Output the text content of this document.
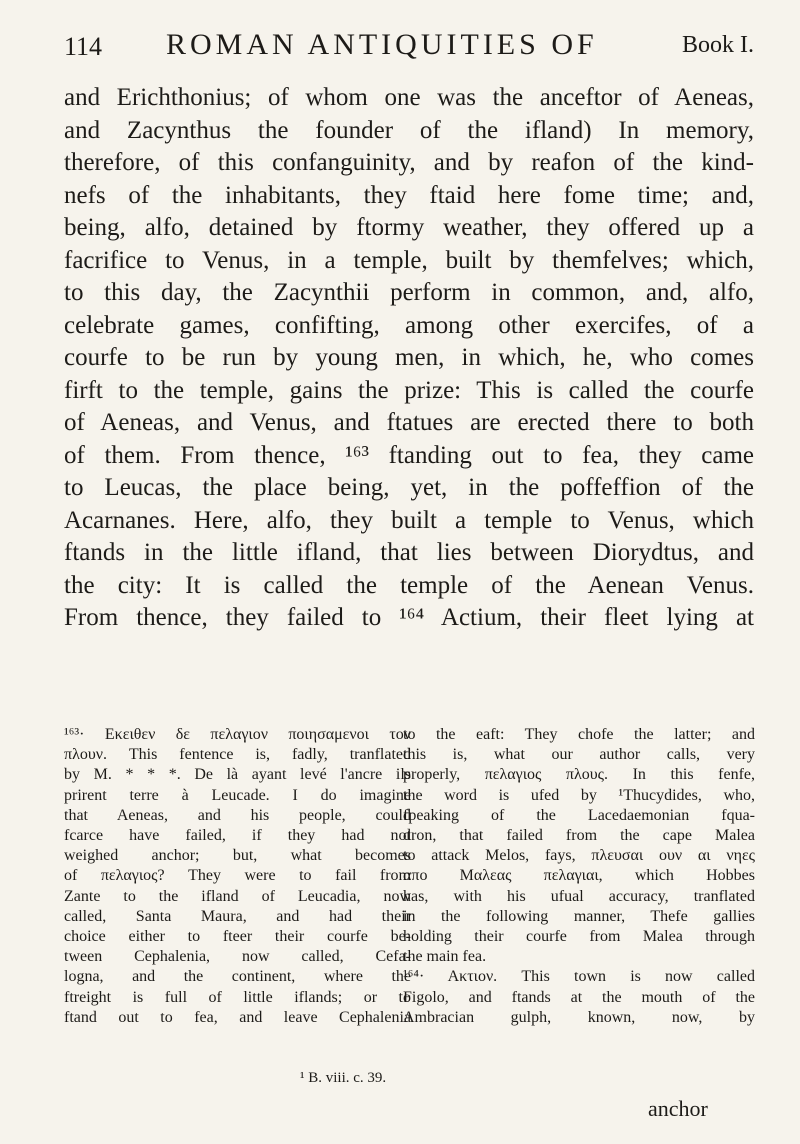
114 ROMAN ANTIQUITIES OF	Book I.
and Erichthonius; of whom one was the anceftor of Aeneas,
and Zacynthus the founder of the ifland) In memory,
therefore, of this confanguinity, and by reafon of the kind-
nefs of the inhabitants, they ftaid here fome time; and,
being, alfo, detained by ftormy weather, they offered up a
facrifice to Venus, in a temple, built by themfelves; which,
to this day, the Zacynthii perform in common, and, alfo,
celebrate games, confifting, among other exercifes, of a
courfe to be run by young men, in which, he, who comes
firft to the temple, gains the prize: This is called the courfe
of Aeneas, and Venus, and ftatues are erected there to both
of them. From thence, ¹⁶³ ftanding out to fea, they came
to Leucas, the place being, yet, in the poffeffion of the
Acarnanes. Here, alfo, they built a temple to Venus, which
ftands in the little ifland, that lies between Diorydtus, and
the city: It is called the temple of the Aenean Venus.
From thence, they failed to ¹⁶⁴ Actium, their fleet lying at
¹⁶³· Εκειθεν δε πελαγιον ποιησαμενοι τον
πλουν. This fentence is, fadly, tranflated
by M. * * *. De là ayant levé l'ancre ils
prirent terre à Leucade. I do imagine
that Aeneas, and his people, could
fcarce have failed, if they had not
weighed anchor; but, what becomes
of πελαγιος? They were to fail from
Zante to the ifland of Leucadia, now
called, Santa Maura, and had their
choice either to fteer their courfe be-
tween Cephalenia, now called, Cefa-
logna, and the continent, where the
ftreight is full of little iflands; or to
ftand out to fea, and leave Cephalenia
to the eaft: They chofe the latter; and
this is, what our author calls, very
properly, πελαγιος πλους. In this fenfe,
the word is ufed by ¹Thucydides, who,
fpeaking of the Lacedaemonian fqua-
dron, that failed from the cape Malea
to attack Melos, fays, πλευσαι ουν αι νηες
απο Μαλεας πελαγιαι, which Hobbes
has, with his ufual accuracy, tranflated
in the following manner, Thefe gallies
holding their courfe from Malea through
the main fea.
¹⁶⁴· Ακτιον. This town is now called
Figolo, and ftands at the mouth of the
Ambracian gulph, known, now, by
¹ B. viii. c. 39.
anchor
